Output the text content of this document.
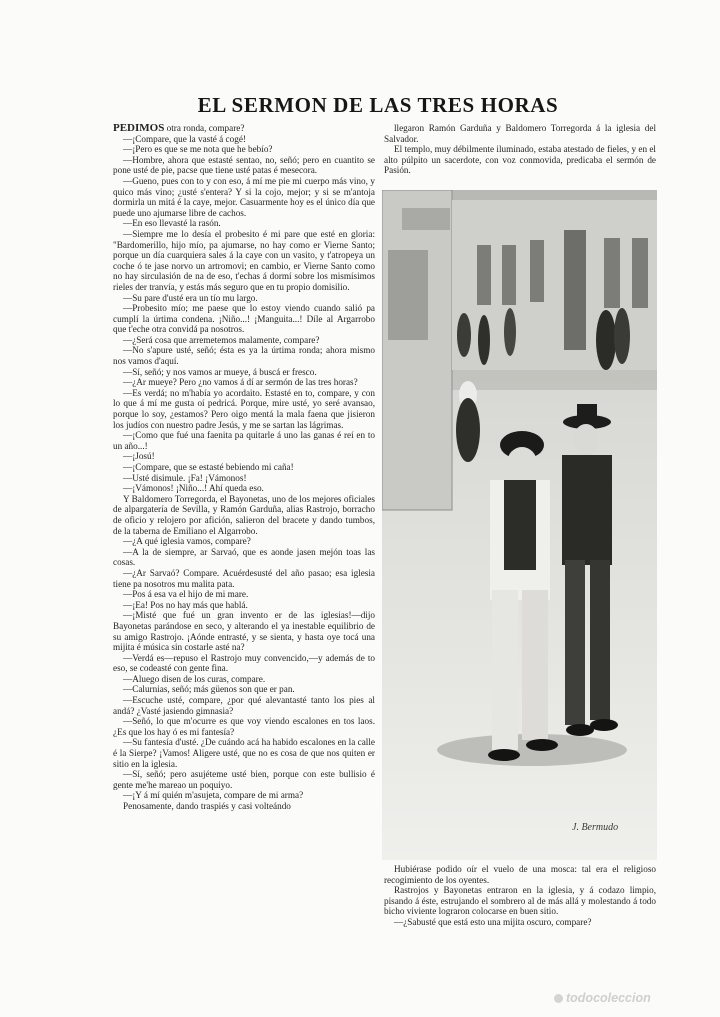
EL SERMON DE LAS TRES HORAS

PEDIMOS otra ronda, compare?

—¡Compare, que la vasté á cogé!

—¡Pero es que se me nota que he bebío?

—Hombre, ahora que estasté sentao, no, señó; pero en cuantito se pone usté de pie, pacse que tiene usté patas é mesecora.

—Gueno, pues con to y con eso, á mí me pie mi cuerpo más vino, y quico más vino; ¿usté s'entera? Y si la cojo, mejor; y si se m'antoja dormirla un mitá é la caye, mejor. Casuarmente hoy es el único día que puede uno ajumarse libre de cachos.

—En eso llevasté la rasón.

—Siempre me lo desía el probesito é mi pare que esté en gloria: "Bardomerillo, hijo mío, pa ajumarse, no hay como er Vierne Santo; porque un día cuarquiera sales á la caye con un vasito, y t'atropeya un coche ó te jase norvo un artromovi; en cambio, er Vierne Santo como no hay sirculasión de na de eso, t'echas á dormí sobre los mismísimos rieles der tranvía, y estás más seguro que en tu propio domisilio.

—Su pare d'usté era un tío mu largo.

—Probesito mío; me paese que lo estoy viendo cuando salió pa cumplí la úrtima condena. ¡Niño...! ¡Manguita...! Díle al Argarrobo que t'eche otra convidá pa nosotros.

—¿Será cosa que arremetemos malamente, compare?

—No s'apure usté, señó; ésta es ya la úrtima ronda; ahora mismo nos vamos d'aquí.

—Sí, señó; y nos vamos ar mueye, á buscá er fresco.

—¿Ar mueye? Pero ¿no vamos á dí ar sermón de las tres horas?

—Es verdá; no m'había yo acordaito. Estasté en to, compare, y con lo que á mí me gusta oí pedricá. Porque, mire usté, yo seré avansao, porque lo soy, ¿estamos? Pero oigo mentá la mala faena que jisieron los judíos con nuestro padre Jesús, y me se sartan las lágrimas.

—¡Como que fué una faenita pa quitarle á uno las ganas é reí en to un año...!

—¡Josú!

—¡Compare, que se estasté bebiendo mi caña!

—Usté disimule. ¡Fa! ¡Vámonos!

—¡Vámonos! ¡Niño...! Ahí queda eso.

Y Baldomero Torregorda, el Bayonetas, uno de los mejores oficiales de alpargatería de Sevilla, y Ramón Garduña, alias Rastrojo, borracho de oficio y relojero por afición, salieron del bracete y dando tumbos, de la taberna de Emiliano el Algarrobo.

—¿A qué iglesia vamos, compare?

—A la de siempre, ar Sarvaó, que es aonde jasen mejón toas las cosas.

—¿Ar Sarvaó? Compare. Acuérdesusté del año pasao; esa iglesia tiene pa nosotros mu malita pata.

—Pos á esa va el hijo de mi mare.

—¡Ea! Pos no hay más que hablá.

—¡Misté que fué un gran invento er de las iglesias!—dijo Bayonetas parándose en seco, y alterando el ya inestable equilibrio de su amigo Rastrojo. ¡Aónde entrasté, y se sienta, y hasta oye tocá una mijita é música sin costarle asté na?

—Verdá es—repuso el Rastrojo muy convencido,—y además de to eso, se codeasté con gente fina.

—Aluego disen de los curas, compare.

—Calurnias, señó; más güenos son que er pan.

—Escuche usté, compare, ¿por qué alevantasté tanto los pies al andá? ¿Vasté jasiendo gimnasia?

—Señó, lo que m'ocurre es que voy viendo escalones en tos laos. ¿Es que los hay ó es mi fantesía?

—Su fantesía d'usté. ¿De cuándo acá ha habido escalones en la calle é la Sierpe? ¡Vamos! Aligere usté, que no es cosa de que nos quiten er sitio en la iglesia.

—Sí, señó; pero asujéteme usté bien, porque con este bullisio é gente me'he mareao un poquiyo.

—¡Y á mí quién m'asujeta, compare de mi arma?

Penosamente, dando traspiés y casi volteándo

llegaron Ramón Garduña y Baldomero Torregorda á la iglesia del Salvador.

El templo, muy débilmente iluminado, estaba atestado de fieles, y en el alto púlpito un sacerdote, con voz conmovida, predicaba el sermón de Pasión.

J. Bermudo

Hubiérase podido oír el vuelo de una mosca: tal era el religioso recogimiento de los oyentes.

Rastrojos y Bayonetas entraron en la iglesia, y á codazo limpio, pisando á éste, estrujando el sombrero al de más allá y molestando á todo bicho viviente lograron colocarse en buen sitio.

—¿Sabusté que está esto una mijita oscuro, compare?

todocoleccion
